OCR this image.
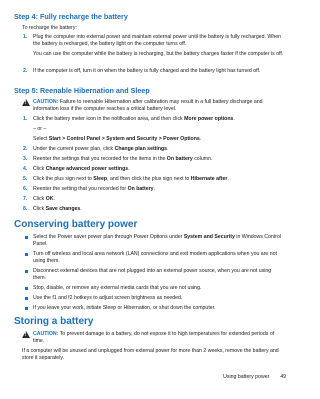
Step 4: Fully recharge the battery
To recharge the battery:
1. Plug the computer into external power and maintain external power until the battery is fully recharged. When the battery is recharged, the battery light on the computer turns off.
You can use the computer while the battery is recharging, but the battery charges faster if the computer is off.
2. If the computer is off, turn it on when the battery is fully charged and the battery light has turned off.
Step 5: Reenable Hibernation and Sleep
!
CAUTION: Failure to reenable Hibernation after calibration may result in a full battery discharge and information loss if the computer reaches a critical battery level.
1. Click the battery meter icon in the notification area, and then click More power options.
– or –
Select Start > Control Panel > System and Security > Power Options.
2. Under the current power plan, click Change plan settings.
3. Reenter the settings that you recorded for the items in the On battery column.
4. Click Change advanced power settings.
5. Click the plus sign next to Sleep, and then click the plus sign next to Hibernate after.
6. Reenter the setting that you recorded for On battery.
7. Click OK.
8. Click Save changes.
Conserving battery power
Select the Power saver power plan through Power Options under System and Security in Windows Control Panel.
Turn off wireless and local area network (LAN) connections and exit modem applications when you are not using them.
Disconnect external devices that are not plugged into an external power source, when you are not using them.
Stop, disable, or remove any external media cards that you are not using.
Use the f1 and f2 hotkeys to adjust screen brightness as needed.
If you leave your work, initiate Sleep or Hibernation, or shut down the computer.
Storing a battery
!
CAUTION: To prevent damage to a battery, do not expose it to high temperatures for extended periods of time.
If a computer will be unused and unplugged from external power for more than 2 weeks, remove the battery and store it separately.
Using battery power 49
